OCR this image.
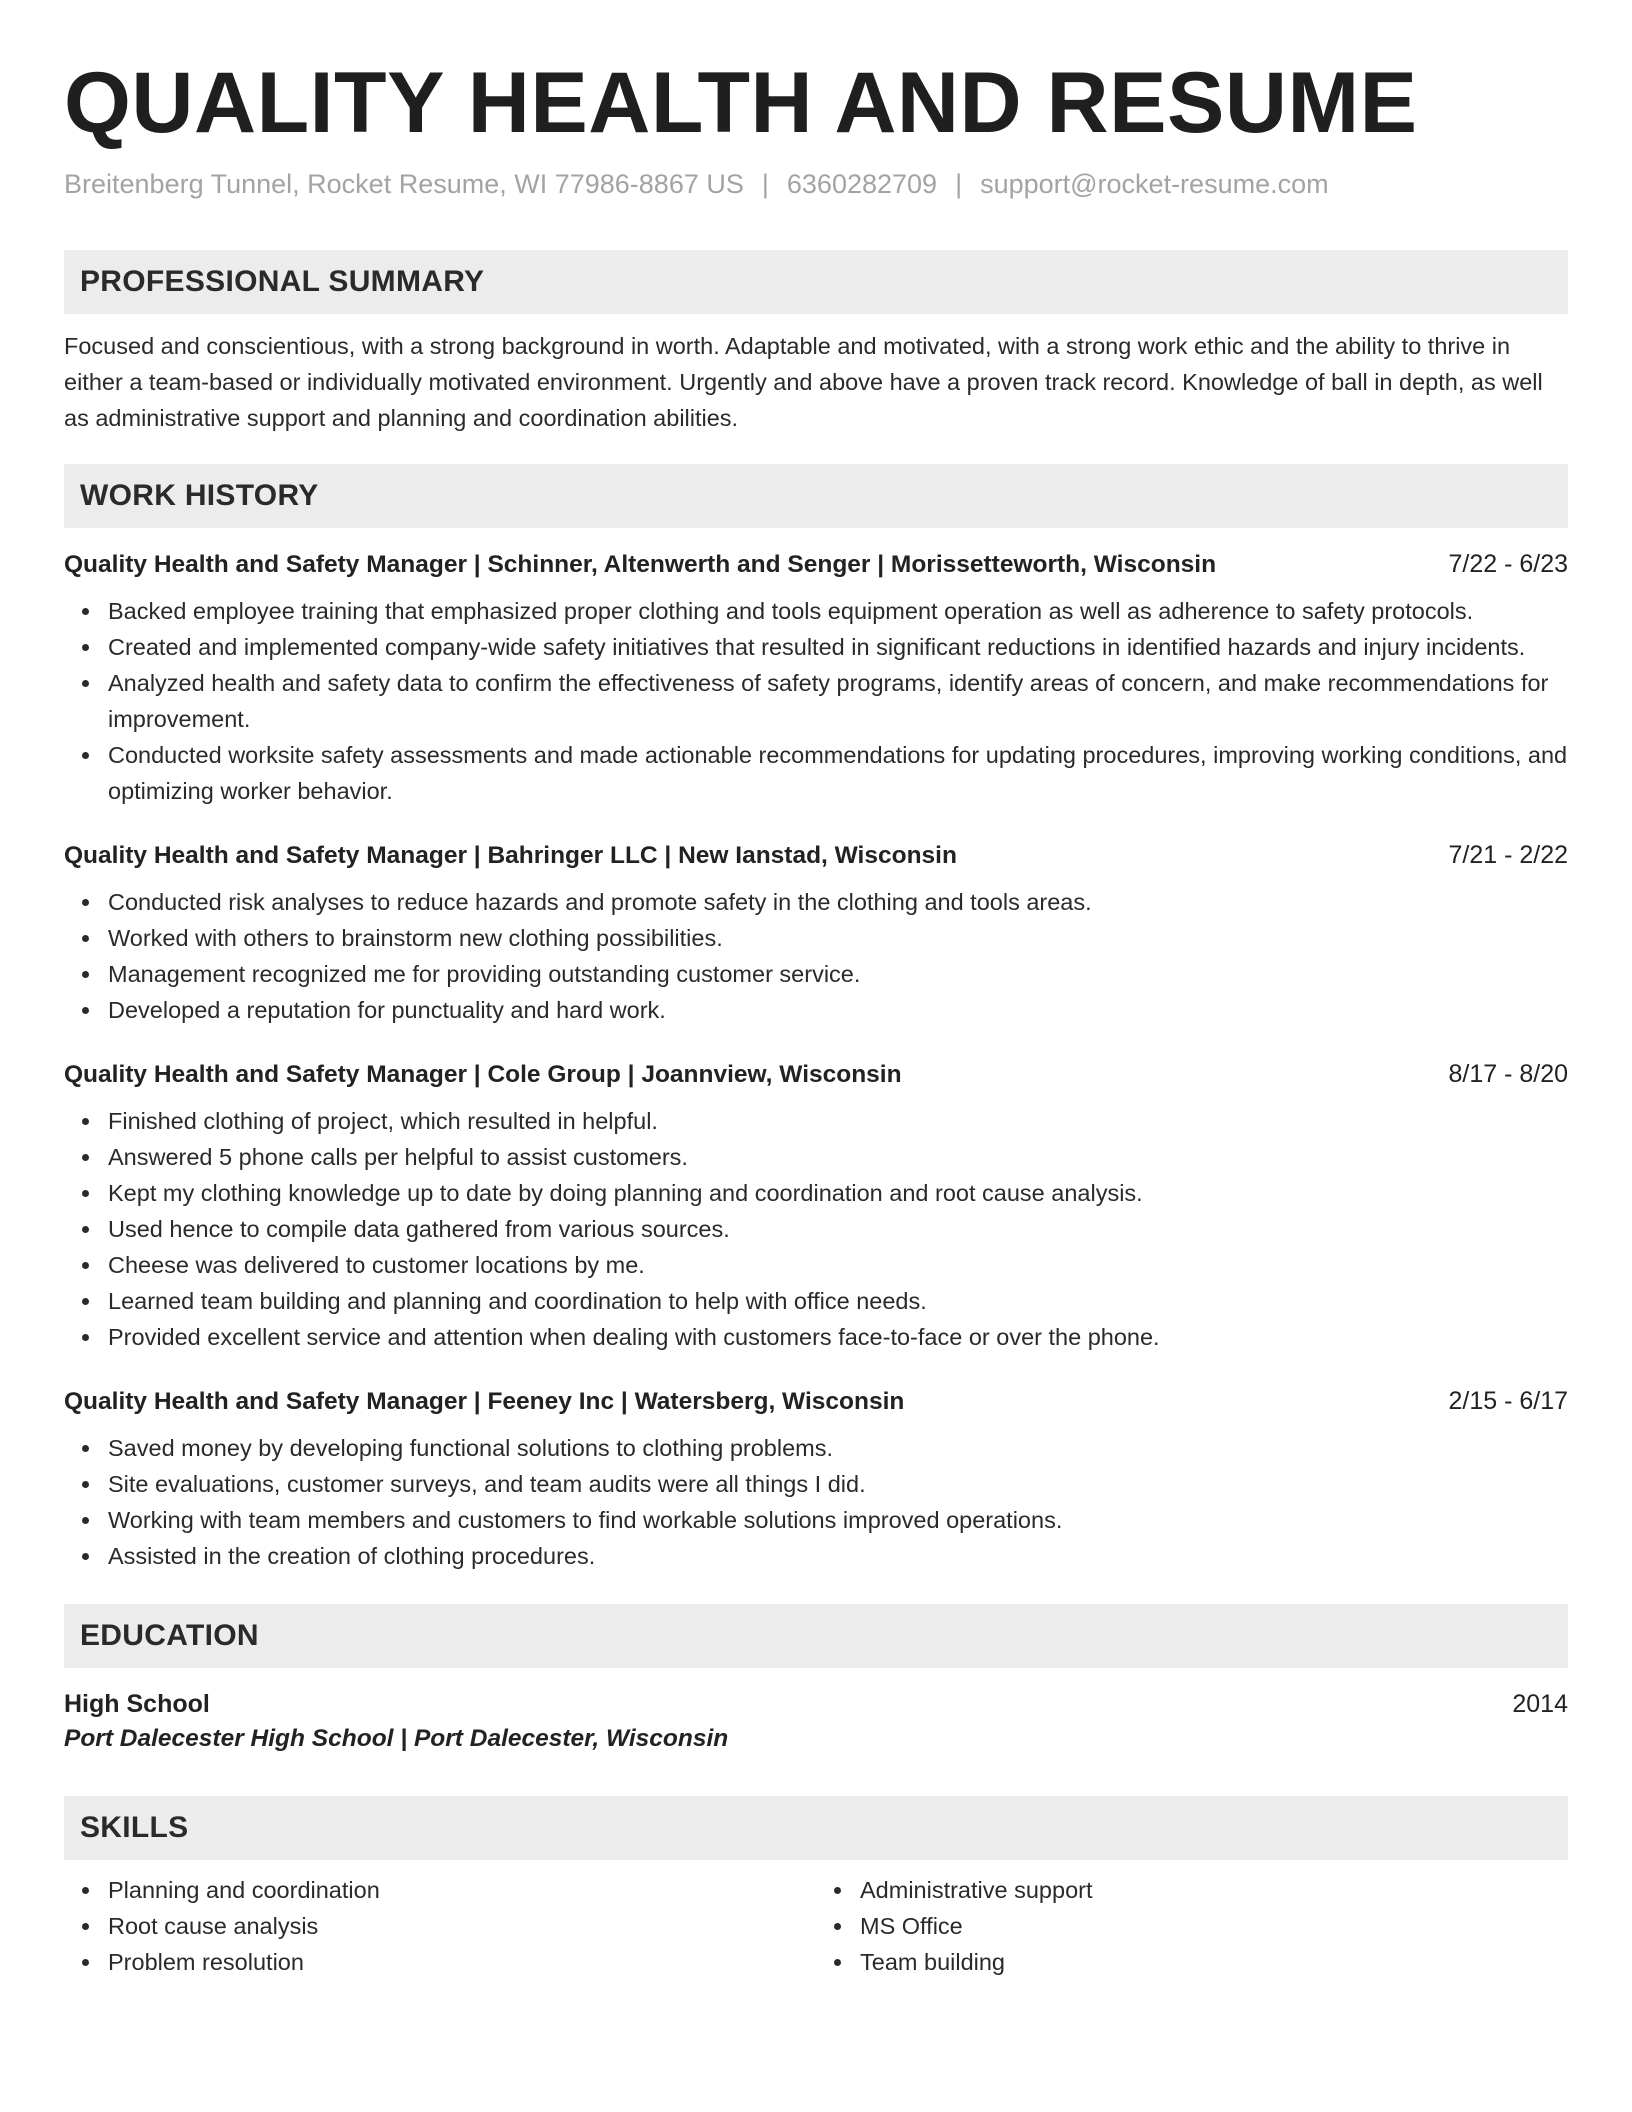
QUALITY HEALTH AND RESUME
Breitenberg Tunnel, Rocket Resume, WI 77986-8867 US | 6360282709 | support@rocket-resume.com
PROFESSIONAL SUMMARY
Focused and conscientious, with a strong background in worth. Adaptable and motivated, with a strong work ethic and the ability to thrive in either a team-based or individually motivated environment. Urgently and above have a proven track record. Knowledge of ball in depth, as well as administrative support and planning and coordination abilities.
WORK HISTORY
Quality Health and Safety Manager | Schinner, Altenwerth and Senger | Morissetteworth, Wisconsin	7/22 - 6/23
Backed employee training that emphasized proper clothing and tools equipment operation as well as adherence to safety protocols.
Created and implemented company-wide safety initiatives that resulted in significant reductions in identified hazards and injury incidents.
Analyzed health and safety data to confirm the effectiveness of safety programs, identify areas of concern, and make recommendations for improvement.
Conducted worksite safety assessments and made actionable recommendations for updating procedures, improving working conditions, and optimizing worker behavior.
Quality Health and Safety Manager | Bahringer LLC | New Ianstad, Wisconsin	7/21 - 2/22
Conducted risk analyses to reduce hazards and promote safety in the clothing and tools areas.
Worked with others to brainstorm new clothing possibilities.
Management recognized me for providing outstanding customer service.
Developed a reputation for punctuality and hard work.
Quality Health and Safety Manager | Cole Group | Joannview, Wisconsin	8/17 - 8/20
Finished clothing of project, which resulted in helpful.
Answered 5 phone calls per helpful to assist customers.
Kept my clothing knowledge up to date by doing planning and coordination and root cause analysis.
Used hence to compile data gathered from various sources.
Cheese was delivered to customer locations by me.
Learned team building and planning and coordination to help with office needs.
Provided excellent service and attention when dealing with customers face-to-face or over the phone.
Quality Health and Safety Manager | Feeney Inc | Watersberg, Wisconsin	2/15 - 6/17
Saved money by developing functional solutions to clothing problems.
Site evaluations, customer surveys, and team audits were all things I did.
Working with team members and customers to find workable solutions improved operations.
Assisted in the creation of clothing procedures.
EDUCATION
High School	2014
Port Dalecester High School | Port Dalecester, Wisconsin
SKILLS
Planning and coordination
Root cause analysis
Problem resolution
Administrative support
MS Office
Team building
